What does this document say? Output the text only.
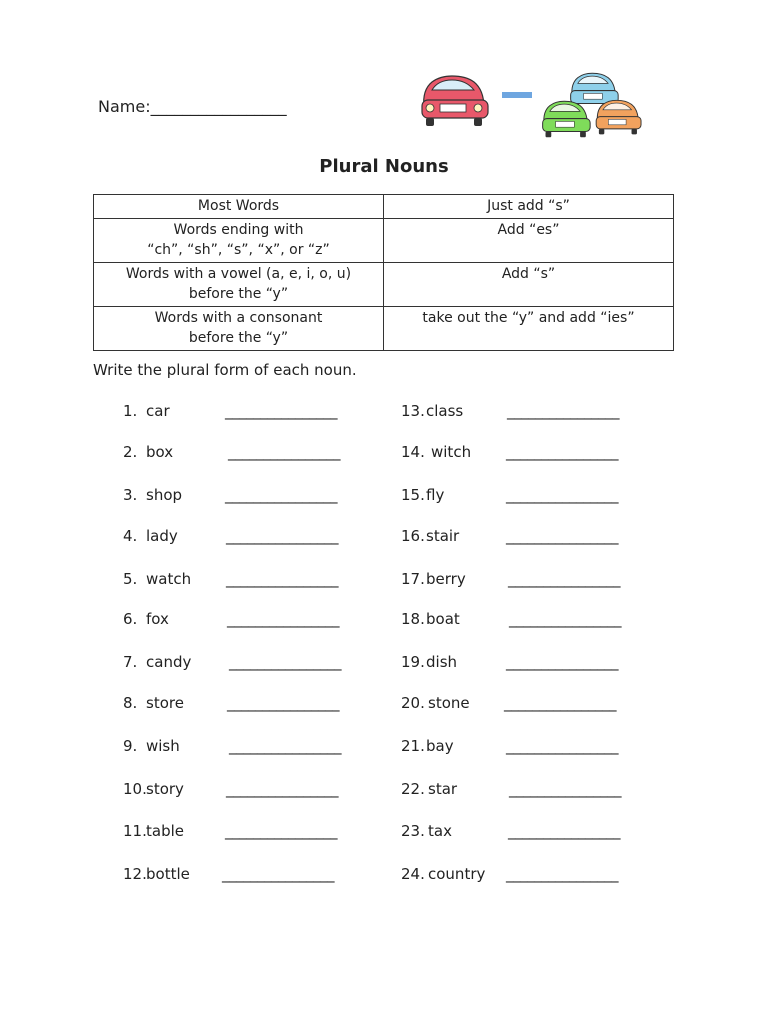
Name:_________________
Plural Nouns
Most Words	Just add “s”
Words ending with
“ch”, “sh”, “s”, “x”, or “z”	Add “es”
Words with a vowel (a, e, i, o, u)
before the “y”	Add “s”
Words with a consonant
before the “y”	take out the “y” and add “ies”
Write the plural form of each noun.
1. car	________________
2. box	________________
3. shop	________________
4. lady	________________
5. watch ________________
6. fox	________________
7. candy	________________
8. store	________________
9. wish	________________
10.story	________________
11.table	________________
12.bottle ________________
13.class	________________
14. witch ________________
15.fly	________________
16.stair	________________
17.berry	________________
18.boat	________________
19.dish	________________
20. stone ________________
21.bay	________________
22. star	________________
23. tax	________________
24. country ________________
